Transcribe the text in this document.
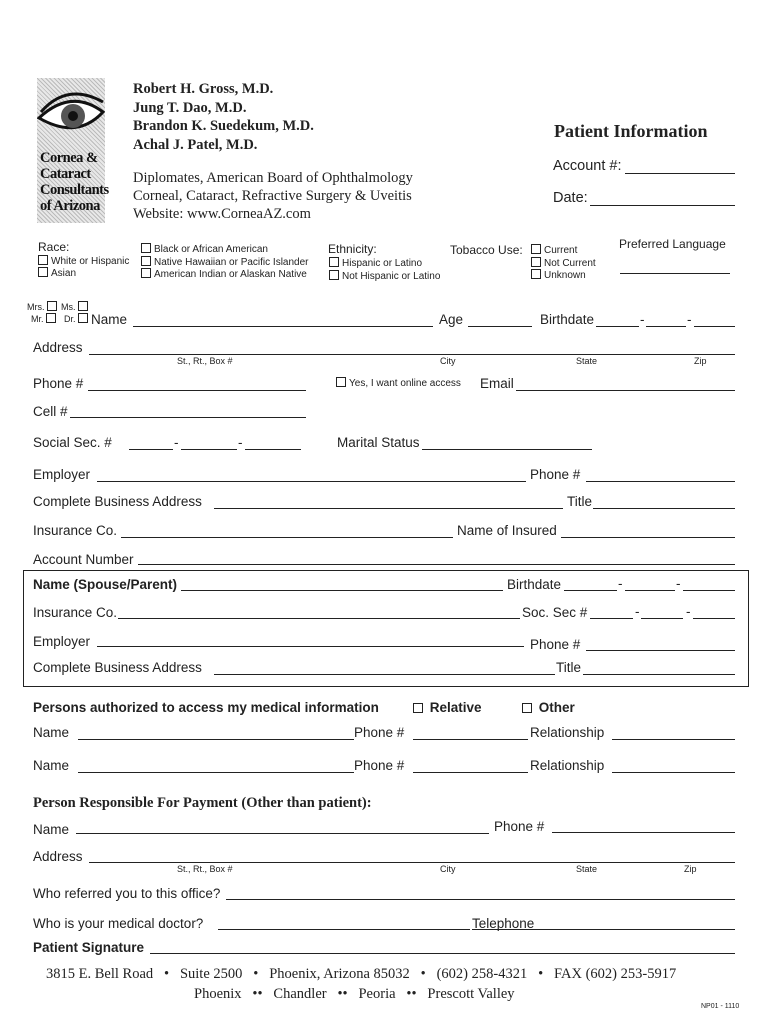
Cornea &
Cataract
Consultants
of Arizona
Robert H. Gross, M.D.
Jung T. Dao, M.D.
Brandon K. Suedekum, M.D.
Achal J. Patel, M.D.
Diplomates, American Board of Ophthalmology
Corneal, Cataract, Refractive Surgery & Uveitis
Website: www.CorneaAZ.com
Patient Information
Account #:
Date:
Race:
White or Hispanic
Asian
Black or African American
Native Hawaiian or Pacific Islander
American Indian or Alaskan Native
Ethnicity:
Hispanic or Latino
Not Hispanic or Latino
Tobacco Use:	Current
Not Current
Unknown
Preferred Language
Mrs.	Ms.
Mr.	Dr.	Name	Age	Birthdate	-	-
Address
St., Rt., Box #	City	State	Zip
Phone #	Yes, I want online access Email
Cell #
Social Sec. #	-	-	Marital Status
Employer	Phone #
Complete Business Address	Title
Insurance Co.	Name of Insured
Account Number
Name (Spouse/Parent)	Birthdate	-	-
Insurance Co.	Soc. Sec #	-	-
Employer	Phone #
Complete Business Address	Title
Persons authorized to access my medical information	Relative	Other
Name	Phone #	Relationship
Name	Phone #	Relationship
Person Responsible For Payment (Other than patient):
Name	Phone #
Address
St., Rt., Box #	City	State	Zip
Who referred you to this office?
Who is your medical doctor?	Telephone
Patient Signature
3815 E. Bell Road   •   Suite 2500   •   Phoenix, Arizona 85032   •   (602) 258-4321   •   FAX (602) 253-5917
Phoenix   ••   Chandler   ••   Peoria   ••   Prescott Valley
NP01 - 1110
